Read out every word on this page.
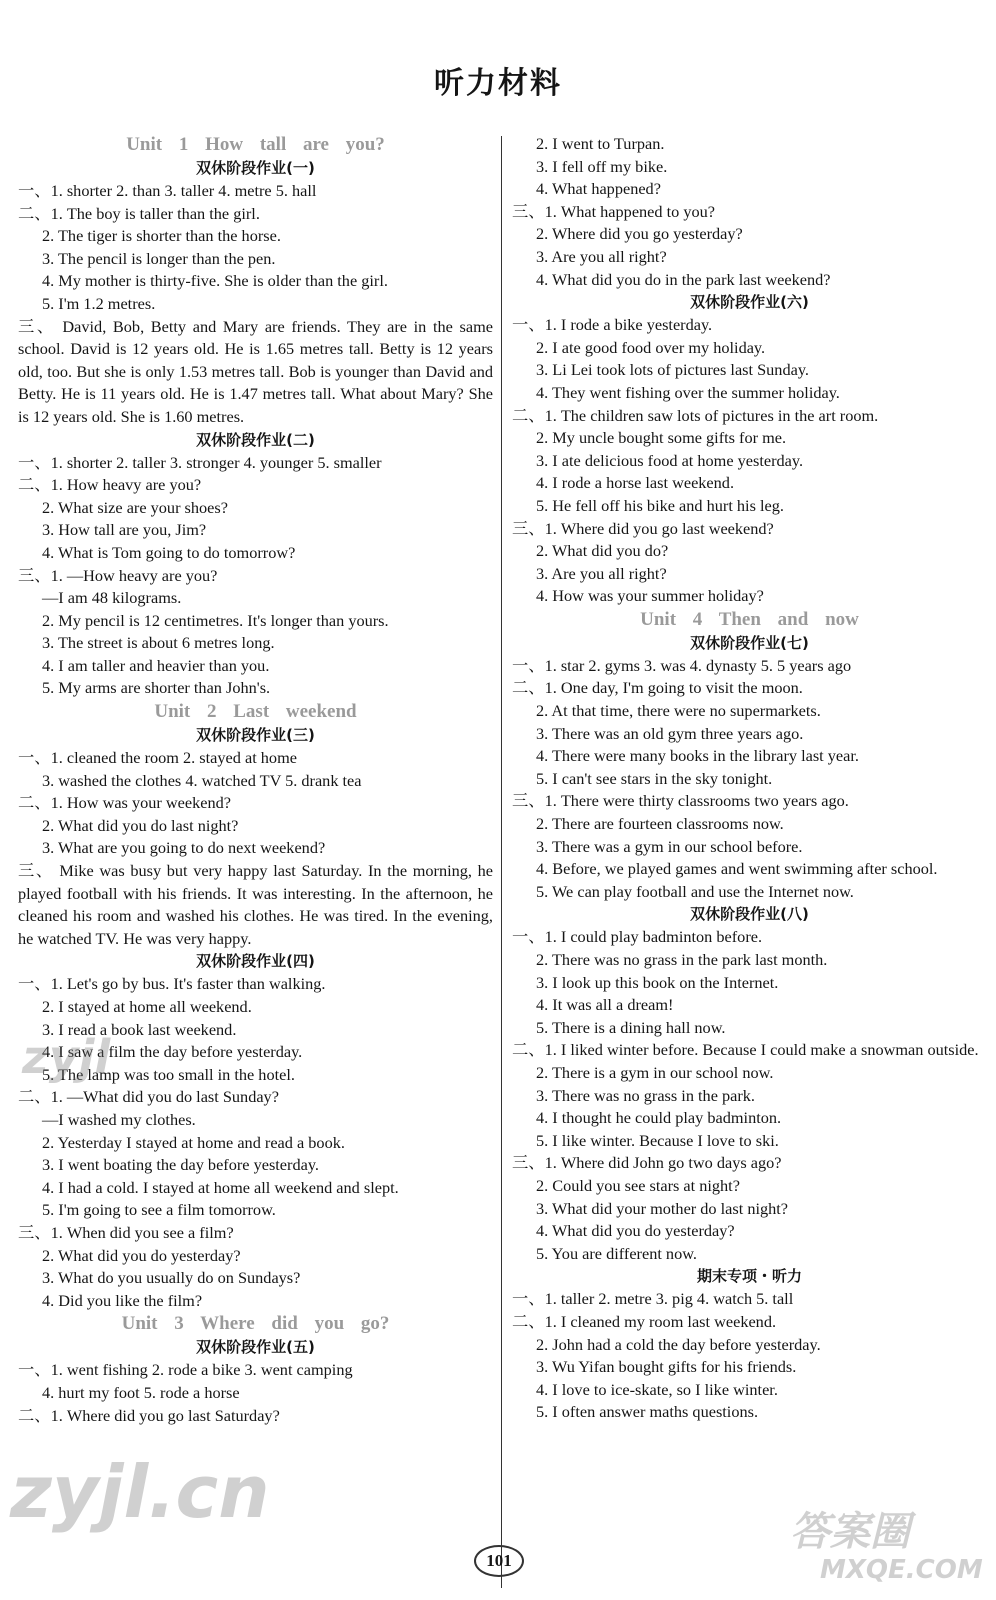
听力材料
Unit 1 How tall are you?
双休阶段作业(一)
一、1. shorter 2. than 3. taller 4. metre 5. hall
二、1. The boy is taller than the girl.
2. The tiger is shorter than the horse.
3. The pencil is longer than the pen.
4. My mother is thirty-five. She is older than the girl.
5. I'm 1.2 metres.
三、 David, Bob, Betty and Mary are friends. They are in the same school. David is 12 years old. He is 1.65 metres tall. Betty is 12 years old, too. But she is only 1.53 metres tall. Bob is younger than David and Betty. He is 11 years old. He is 1.47 metres tall. What about Mary? She is 12 years old. She is 1.60 metres.
双休阶段作业(二)
一、1. shorter 2. taller 3. stronger 4. younger 5. smaller
二、1. How heavy are you?
2. What size are your shoes?
3. How tall are you, Jim?
4. What is Tom going to do tomorrow?
三、1. —How heavy are you?
—I am 48 kilograms.
2. My pencil is 12 centimetres. It's longer than yours.
3. The street is about 6 metres long.
4. I am taller and heavier than you.
5. My arms are shorter than John's.
Unit 2 Last weekend
双休阶段作业(三)
一、1. cleaned the room 2. stayed at home
3. washed the clothes 4. watched TV 5. drank tea
二、1. How was your weekend?
2. What did you do last night?
3. What are you going to do next weekend?
三、 Mike was busy but very happy last Saturday. In the morning, he played football with his friends. It was interesting. In the afternoon, he cleaned his room and washed his clothes. He was tired. In the evening, he watched TV. He was very happy.
双休阶段作业(四)
一、1. Let's go by bus. It's faster than walking.
2. I stayed at home all weekend.
3. I read a book last weekend.
4. I saw a film the day before yesterday.
5. The lamp was too small in the hotel.
二、1. —What did you do last Sunday?
—I washed my clothes.
2. Yesterday I stayed at home and read a book.
3. I went boating the day before yesterday.
4. I had a cold. I stayed at home all weekend and slept.
5. I'm going to see a film tomorrow.
三、1. When did you see a film?
2. What did you do yesterday?
3. What do you usually do on Sundays?
4. Did you like the film?
Unit 3 Where did you go?
双休阶段作业(五)
一、1. went fishing 2. rode a bike 3. went camping
4. hurt my foot 5. rode a horse
二、1. Where did you go last Saturday?
2. I went to Turpan.
3. I fell off my bike.
4. What happened?
三、1. What happened to you?
2. Where did you go yesterday?
3. Are you all right?
4. What did you do in the park last weekend?
双休阶段作业(六)
一、1. I rode a bike yesterday.
2. I ate good food over my holiday.
3. Li Lei took lots of pictures last Sunday.
4. They went fishing over the summer holiday.
二、1. The children saw lots of pictures in the art room.
2. My uncle bought some gifts for me.
3. I ate delicious food at home yesterday.
4. I rode a horse last weekend.
5. He fell off his bike and hurt his leg.
三、1. Where did you go last weekend?
2. What did you do?
3. Are you all right?
4. How was your summer holiday?
Unit 4 Then and now
双休阶段作业(七)
一、1. star 2. gyms 3. was 4. dynasty 5. 5 years ago
二、1. One day, I'm going to visit the moon.
2. At that time, there were no supermarkets.
3. There was an old gym three years ago.
4. There were many books in the library last year.
5. I can't see stars in the sky tonight.
三、1. There were thirty classrooms two years ago.
2. There are fourteen classrooms now.
3. There was a gym in our school before.
4. Before, we played games and went swimming after school.
5. We can play football and use the Internet now.
双休阶段作业(八)
一、1. I could play badminton before.
2. There was no grass in the park last month.
3. I look up this book on the Internet.
4. It was all a dream!
5. There is a dining hall now.
二、1. I liked winter before. Because I could make a snowman outside.
2. There is a gym in our school now.
3. There was no grass in the park.
4. I thought he could play badminton.
5. I like winter. Because I love to ski.
三、1. Where did John go two days ago?
2. Could you see stars at night?
3. What did your mother do last night?
4. What did you do yesterday?
5. You are different now.
期末专项・听力
一、1. taller 2. metre 3. pig 4. watch 5. tall
二、1. I cleaned my room last weekend.
2. John had a cold the day before yesterday.
3. Wu Yifan bought gifts for his friends.
4. I love to ice-skate, so I like winter.
5. I often answer maths questions.
101
zyjl
zyjl.cn	答案圈
MXQE.COM
